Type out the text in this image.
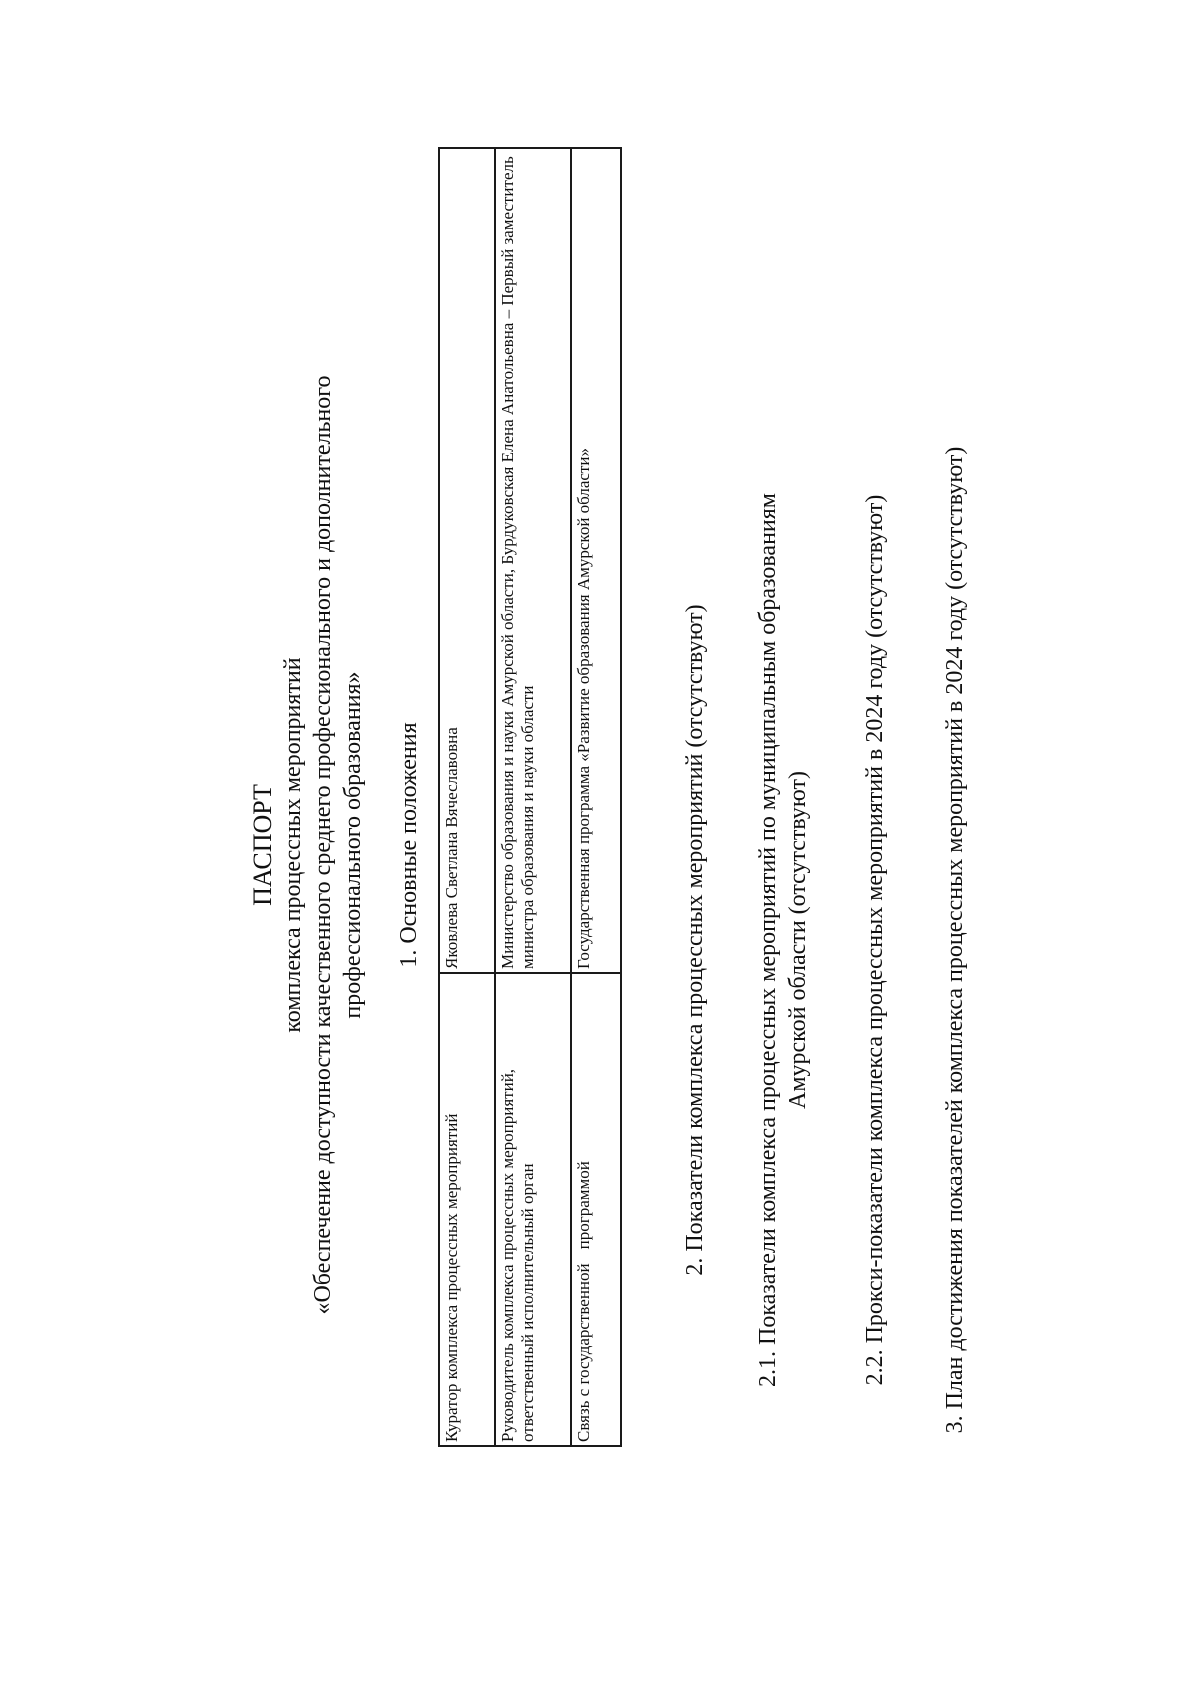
ПАСПОРТ комплекса процессных мероприятий «Обеспечение доступности качественного среднего профессионального и дополнительного профессионального образования» 1. Основные положения

Куратор комплекса процессных мероприятий	Яковлева Светлана Вячеславовна
Руководитель комплекса процессных мероприятий, ответственный исполнительный орган	Министерство образования и науки Амурской области, Бурдуковская Елена Анатольевна – Первый заместитель министра образования и науки области
Связь с государственнойпрограммой	Государственная программа «Развитие образования Амурской области»	2. Показатели комплекса процессных мероприятий (отсутствуют) 2.1. Показатели комплекса процессных мероприятий по муниципальным образованиям Амурской области (отсутствуют) 2.2. Прокси-показатели комплекса процессных мероприятий в 2024 году (отсутствуют) 3. План достижения показателей комплекса процессных мероприятий в 2024 году (отсутствуют)
